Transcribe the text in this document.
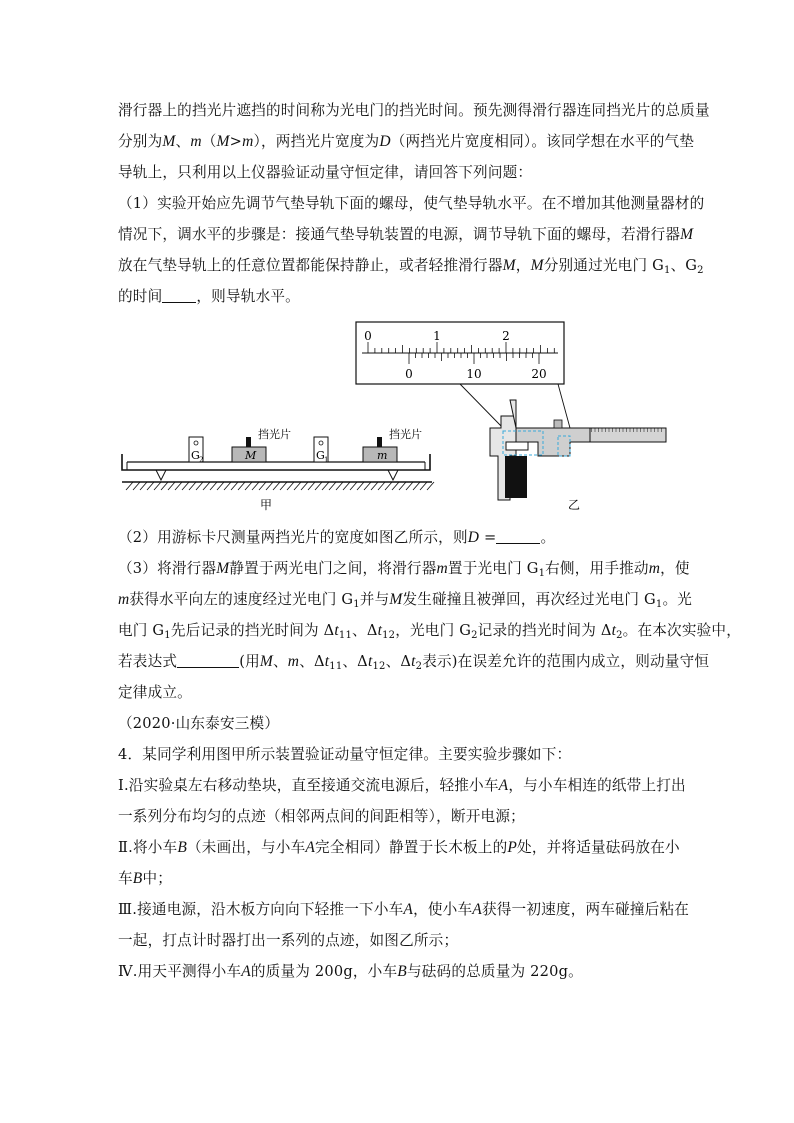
滑行器上的挡光片遮挡的时间称为光电门的挡光时间。预先测得滑行器连同挡光片的总质量
分别为M、m（M>m），两挡光片宽度为D（两挡光片宽度相同）。该同学想在水平的气垫
导轨上，只利用以上仪器验证动量守恒定律，请回答下列问题：
（1）实验开始应先调节气垫导轨下面的螺母，使气垫导轨水平。在不增加其他测量器材的
情况下，调水平的步骤是：接通气垫导轨装置的电源，调节导轨下面的螺母，若滑行器M
放在气垫导轨上的任意位置都能保持静止，或者轻推滑行器M，M分别通过光电门 $G_1$、$G_2$
的时间 ，则导轨水平。
G 2	G 1
M
挡光片
m
挡光片
甲
0	1	2
0	10	20
乙
（2）用游标卡尺测量两挡光片的宽度如图乙所示，则D =	。
（3）将滑行器M静置于两光电门之间，将滑行器m置于光电门 $G_1$右侧，用手推动m，使
m获得水平向左的速度经过光电门 $G_1$并与M发生碰撞且被弹回，再次经过光电门 $G_1$。光
电门 $G_1$先后记录的挡光时间为 $\Delta t_{11}$、$\Delta t_{12}$，光电门 $G_2$记录的挡光时间为 $\Delta t_2$。在本次实验中，
若表达式	(用M、m、$\Delta t_{11}$、$\Delta t_{12}$、$\Delta t_2$表示)在误差允许的范围内成立，则动量守恒
定律成立。
（2020·山东泰安三模）
4．某同学利用图甲所示装置验证动量守恒定律。主要实验步骤如下：
Ⅰ.沿实验桌左右移动垫块，直至接通交流电源后，轻推小车A，与小车相连的纸带上打出
一系列分布均匀的点迹（相邻两点间的间距相等），断开电源；
Ⅱ.将小车B（未画出，与小车A完全相同）静置于长木板上的P处，并将适量砝码放在小
车B中；
Ⅲ.接通电源，沿木板方向向下轻推一下小车A，使小车A获得一初速度，两车碰撞后粘在
一起，打点计时器打出一系列的点迹，如图乙所示；
Ⅳ.用天平测得小车A的质量为 200g，小车B与砝码的总质量为 220g。
